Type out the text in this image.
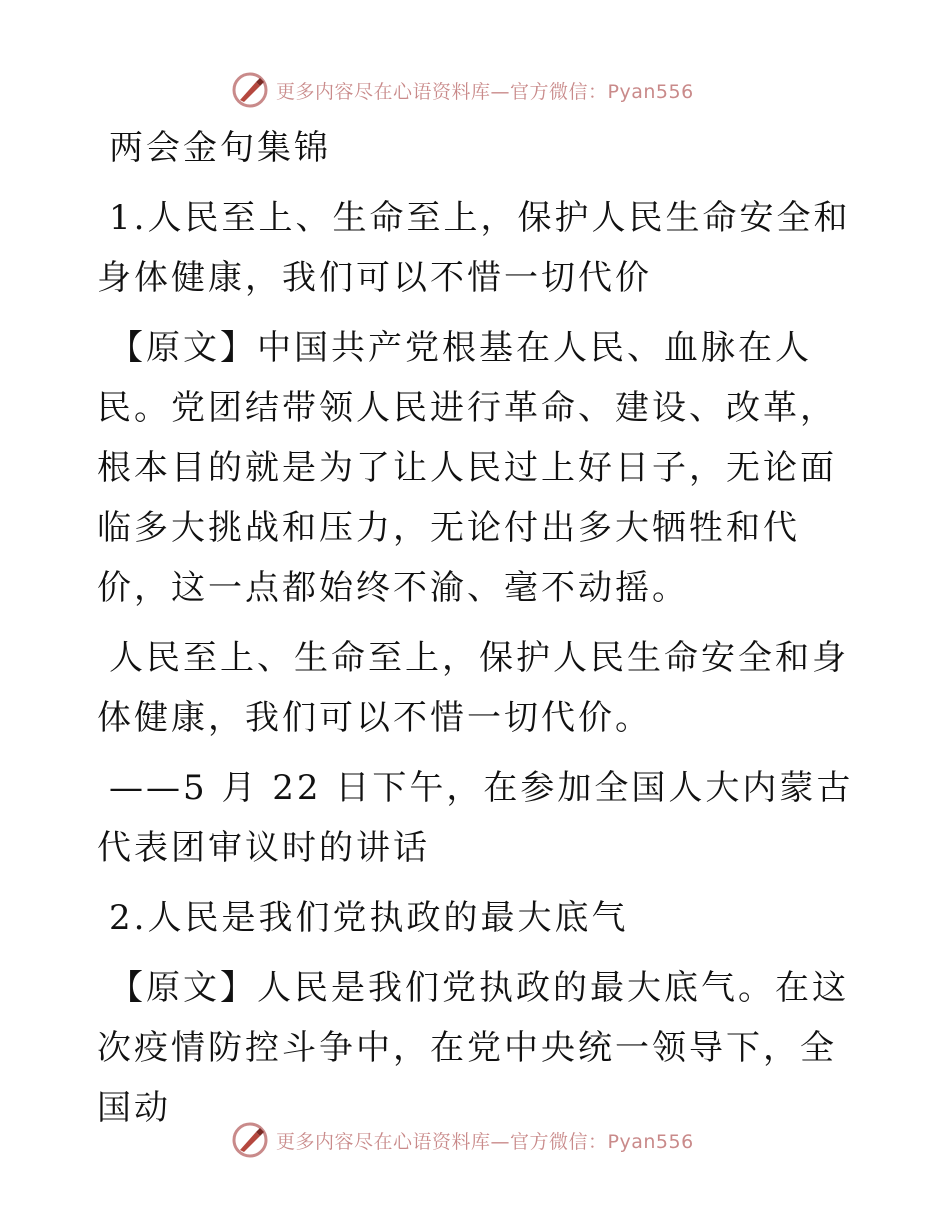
更多内容尽在心语资料库—官方微信：Pyan556
两会金句集锦
1.人民至上、生命至上，保护人民生命安全和身体健康，我们可以不惜一切代价
【原文】中国共产党根基在人民、血脉在人民。党团结带领人民进行革命、建设、改革，根本目的就是为了让人民过上好日子，无论面临多大挑战和压力，无论付出多大牺牲和代价，这一点都始终不渝、毫不动摇。
人民至上、生命至上，保护人民生命安全和身体健康，我们可以不惜一切代价。
——5 月 22 日下午，在参加全国人大内蒙古代表团审议时的讲话
2.人民是我们党执政的最大底气
【原文】人民是我们党执政的最大底气。在这次疫情防控斗争中，在党中央统一领导下，全国动
更多内容尽在心语资料库—官方微信：Pyan556
